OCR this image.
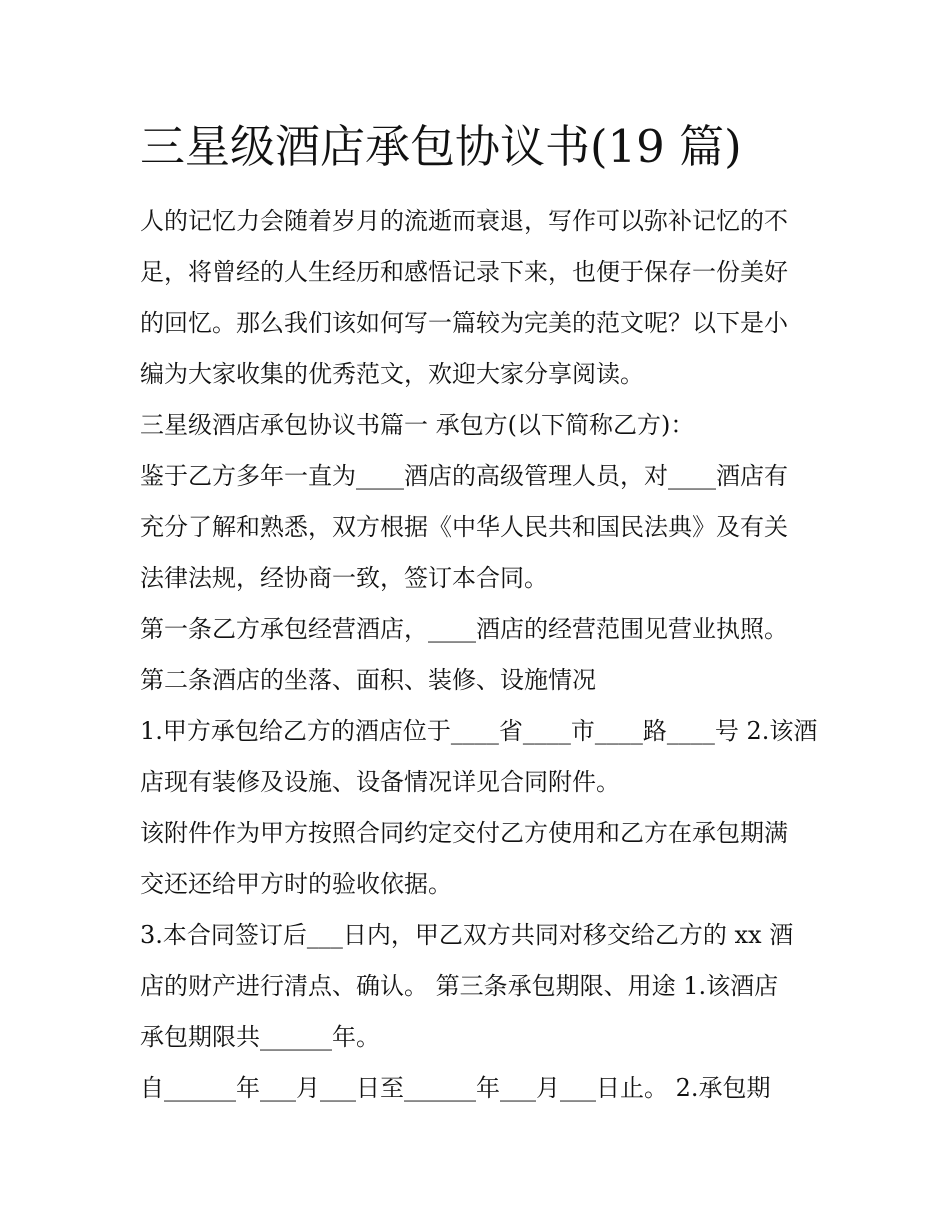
三星级酒店承包协议书(19 篇)
人的记忆力会随着岁月的流逝而衰退，写作可以弥补记忆的不
足，将曾经的人生经历和感悟记录下来，也便于保存一份美好
的回忆。那么我们该如何写一篇较为完美的范文呢？以下是小
编为大家收集的优秀范文，欢迎大家分享阅读。
三星级酒店承包协议书篇一 承包方(以下简称乙方)：
鉴于乙方多年一直为____酒店的高级管理人员，对____酒店有
充分了解和熟悉，双方根据《中华人民共和国民法典》及有关
法律法规，经协商一致，签订本合同。
第一条乙方承包经营酒店，____酒店的经营范围见营业执照。
第二条酒店的坐落、面积、装修、设施情况
1.甲方承包给乙方的酒店位于____省____市____路____号 2.该酒
店现有装修及设施、设备情况详见合同附件。
该附件作为甲方按照合同约定交付乙方使用和乙方在承包期满
交还还给甲方时的验收依据。
3.本合同签订后___日内，甲乙双方共同对移交给乙方的 xx 酒
店的财产进行清点、确认。 第三条承包期限、用途 1.该酒店
承包期限共______年。
自______年___月___日至______年___月___日止。 2.承包期
